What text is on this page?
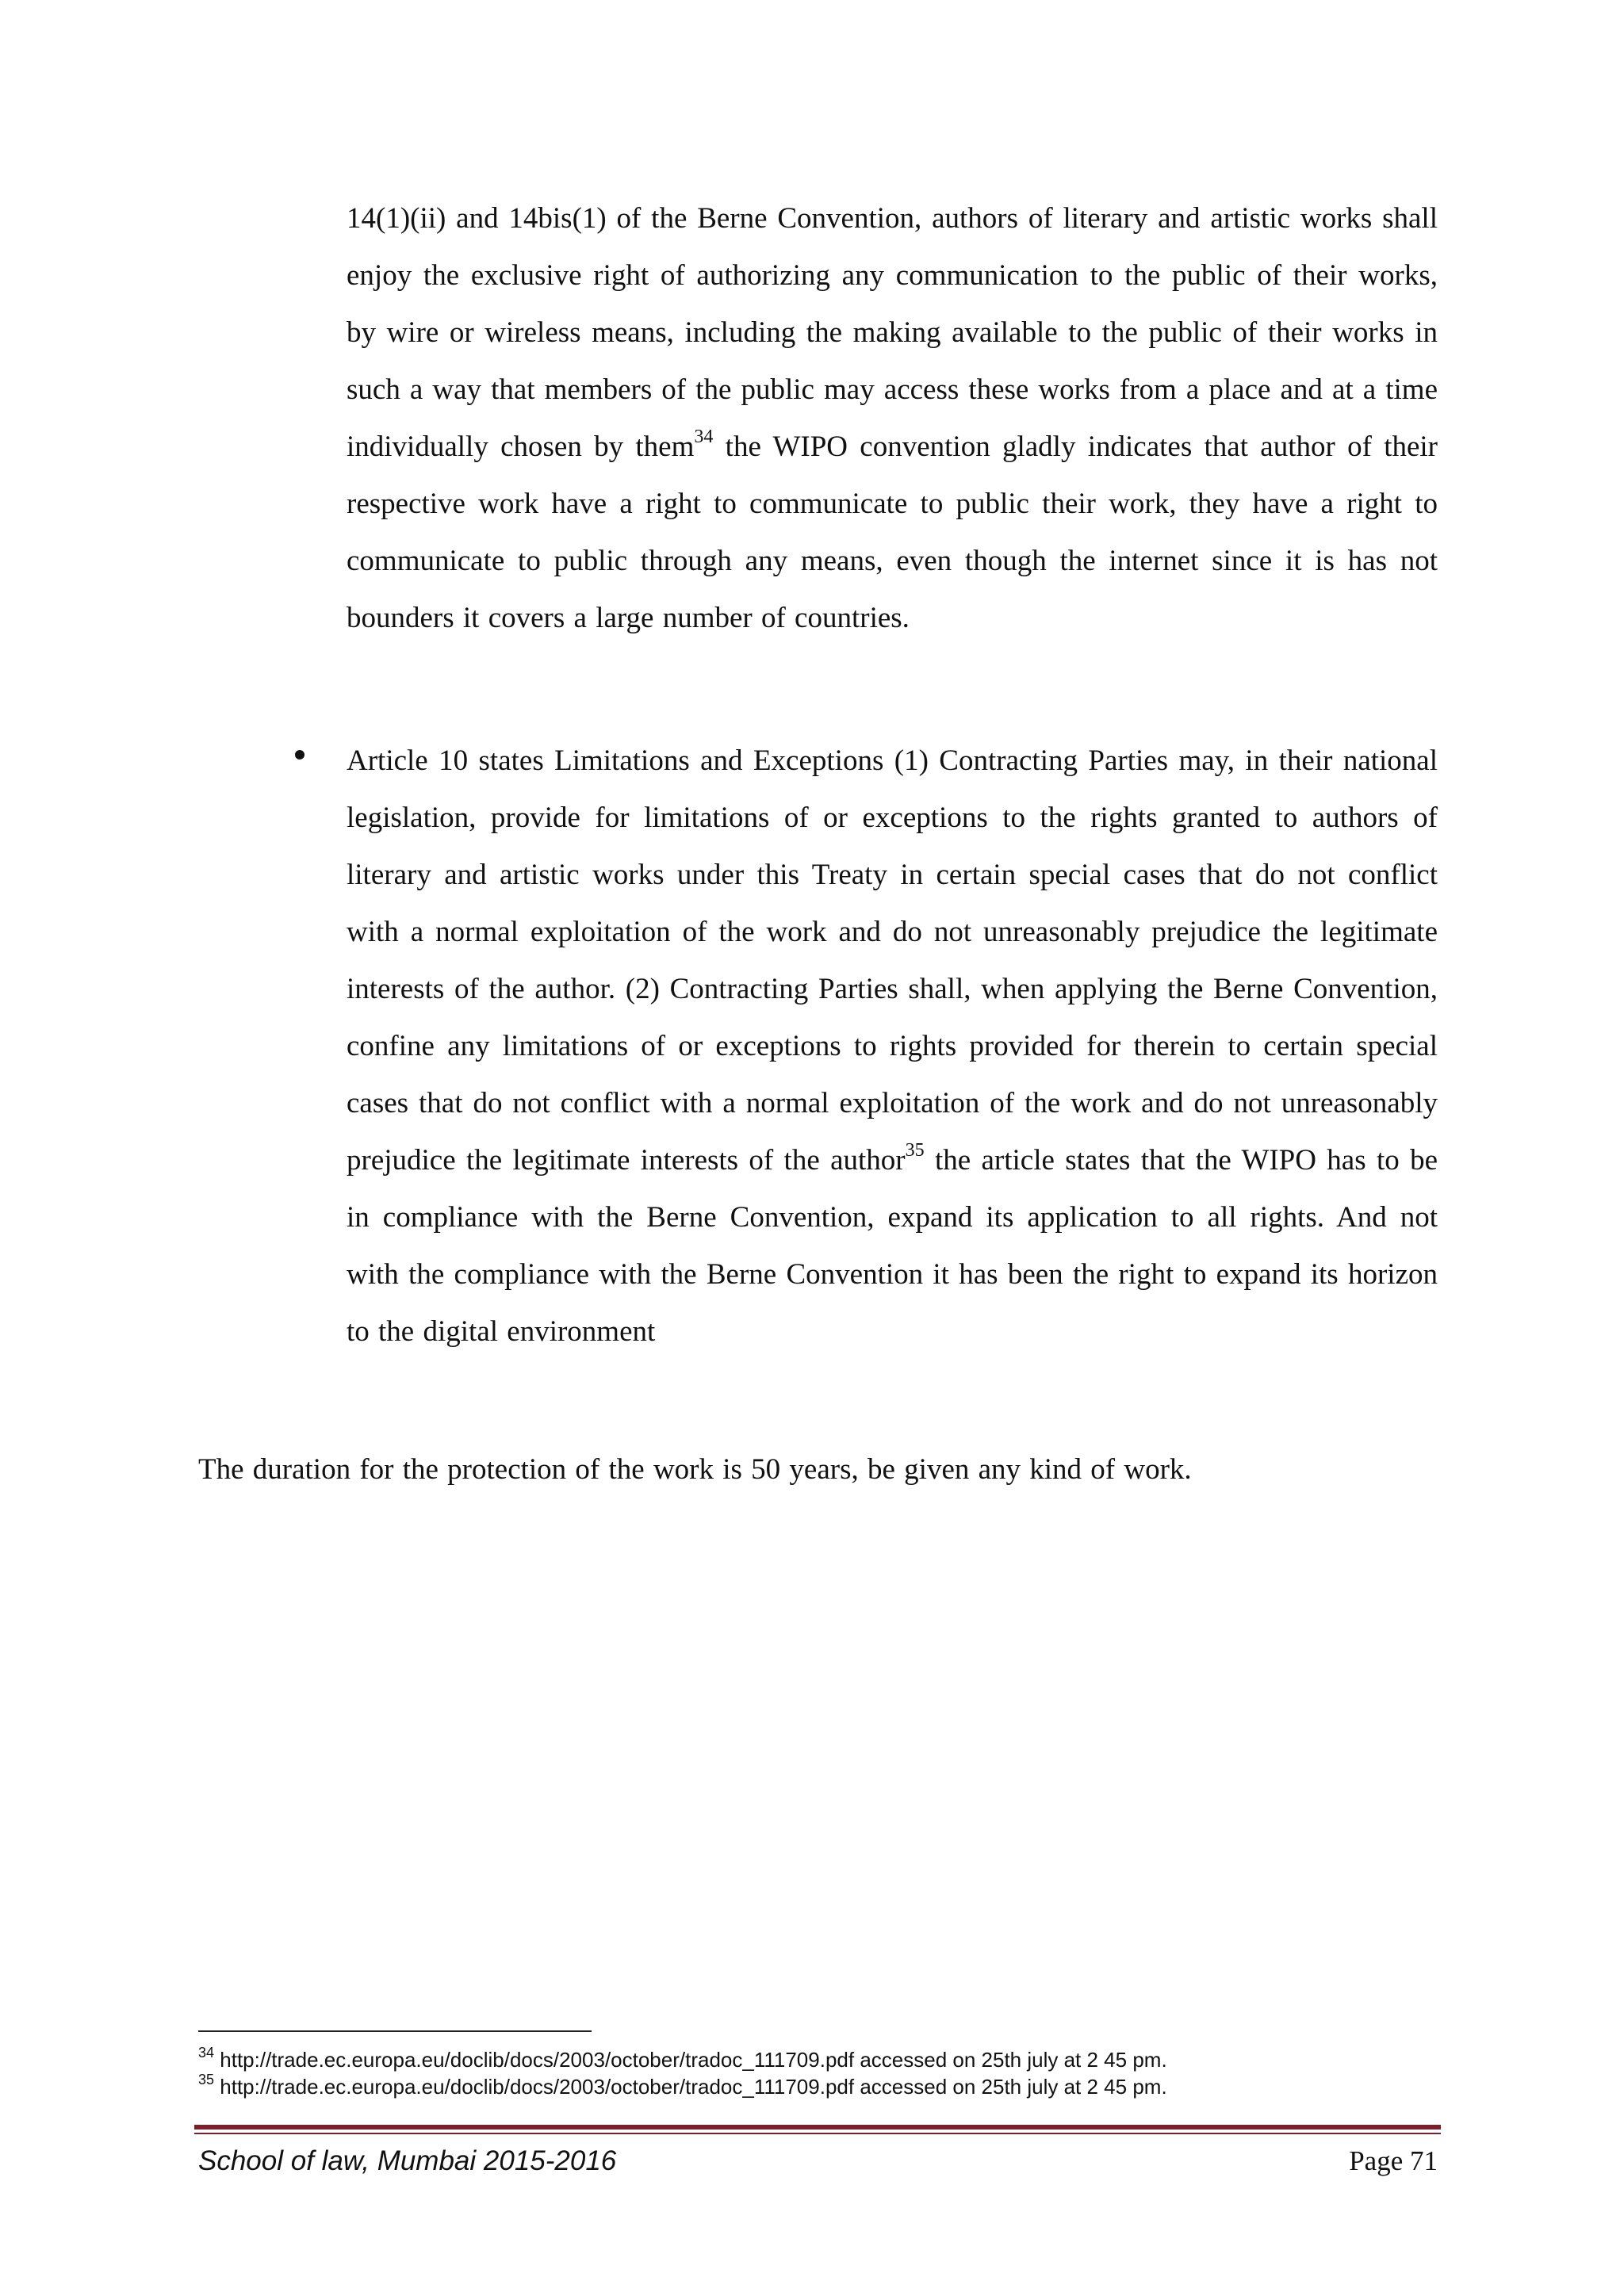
14(1)(ii) and 14bis(1) of the Berne Convention, authors of literary and artistic works shall enjoy the exclusive right of authorizing any communication to the public of their works, by wire or wireless means, including the making available to the public of their works in such a way that members of the public may access these works from a place and at a time individually chosen by them$^{34}$ the WIPO convention gladly indicates that author of their respective work have a right to communicate to public their work, they have a right to communicate to public through any means, even though the internet since it is has not bounders it covers a large number of countries.
Article 10 states Limitations and Exceptions (1) Contracting Parties may, in their national legislation, provide for limitations of or exceptions to the rights granted to authors of literary and artistic works under this Treaty in certain special cases that do not conflict with a normal exploitation of the work and do not unreasonably prejudice the legitimate interests of the author. (2) Contracting Parties shall, when applying the Berne Convention, confine any limitations of or exceptions to rights provided for therein to certain special cases that do not conflict with a normal exploitation of the work and do not unreasonably prejudice the legitimate interests of the author$^{35}$ the article states that the WIPO has to be in compliance with the Berne Convention, expand its application to all rights. And not with the compliance with the Berne Convention it has been the right to expand its horizon to the digital environment
The duration for the protection of the work is 50 years, be given any kind of work.
$^{34}$ http://trade.ec.europa.eu/doclib/docs/2003/october/tradoc_111709.pdf accessed on 25th july at 2 45 pm.
$^{35}$ http://trade.ec.europa.eu/doclib/docs/2003/october/tradoc_111709.pdf accessed on 25th july at 2 45 pm.
School of law, Mumbai 2015-2016	Page 71
